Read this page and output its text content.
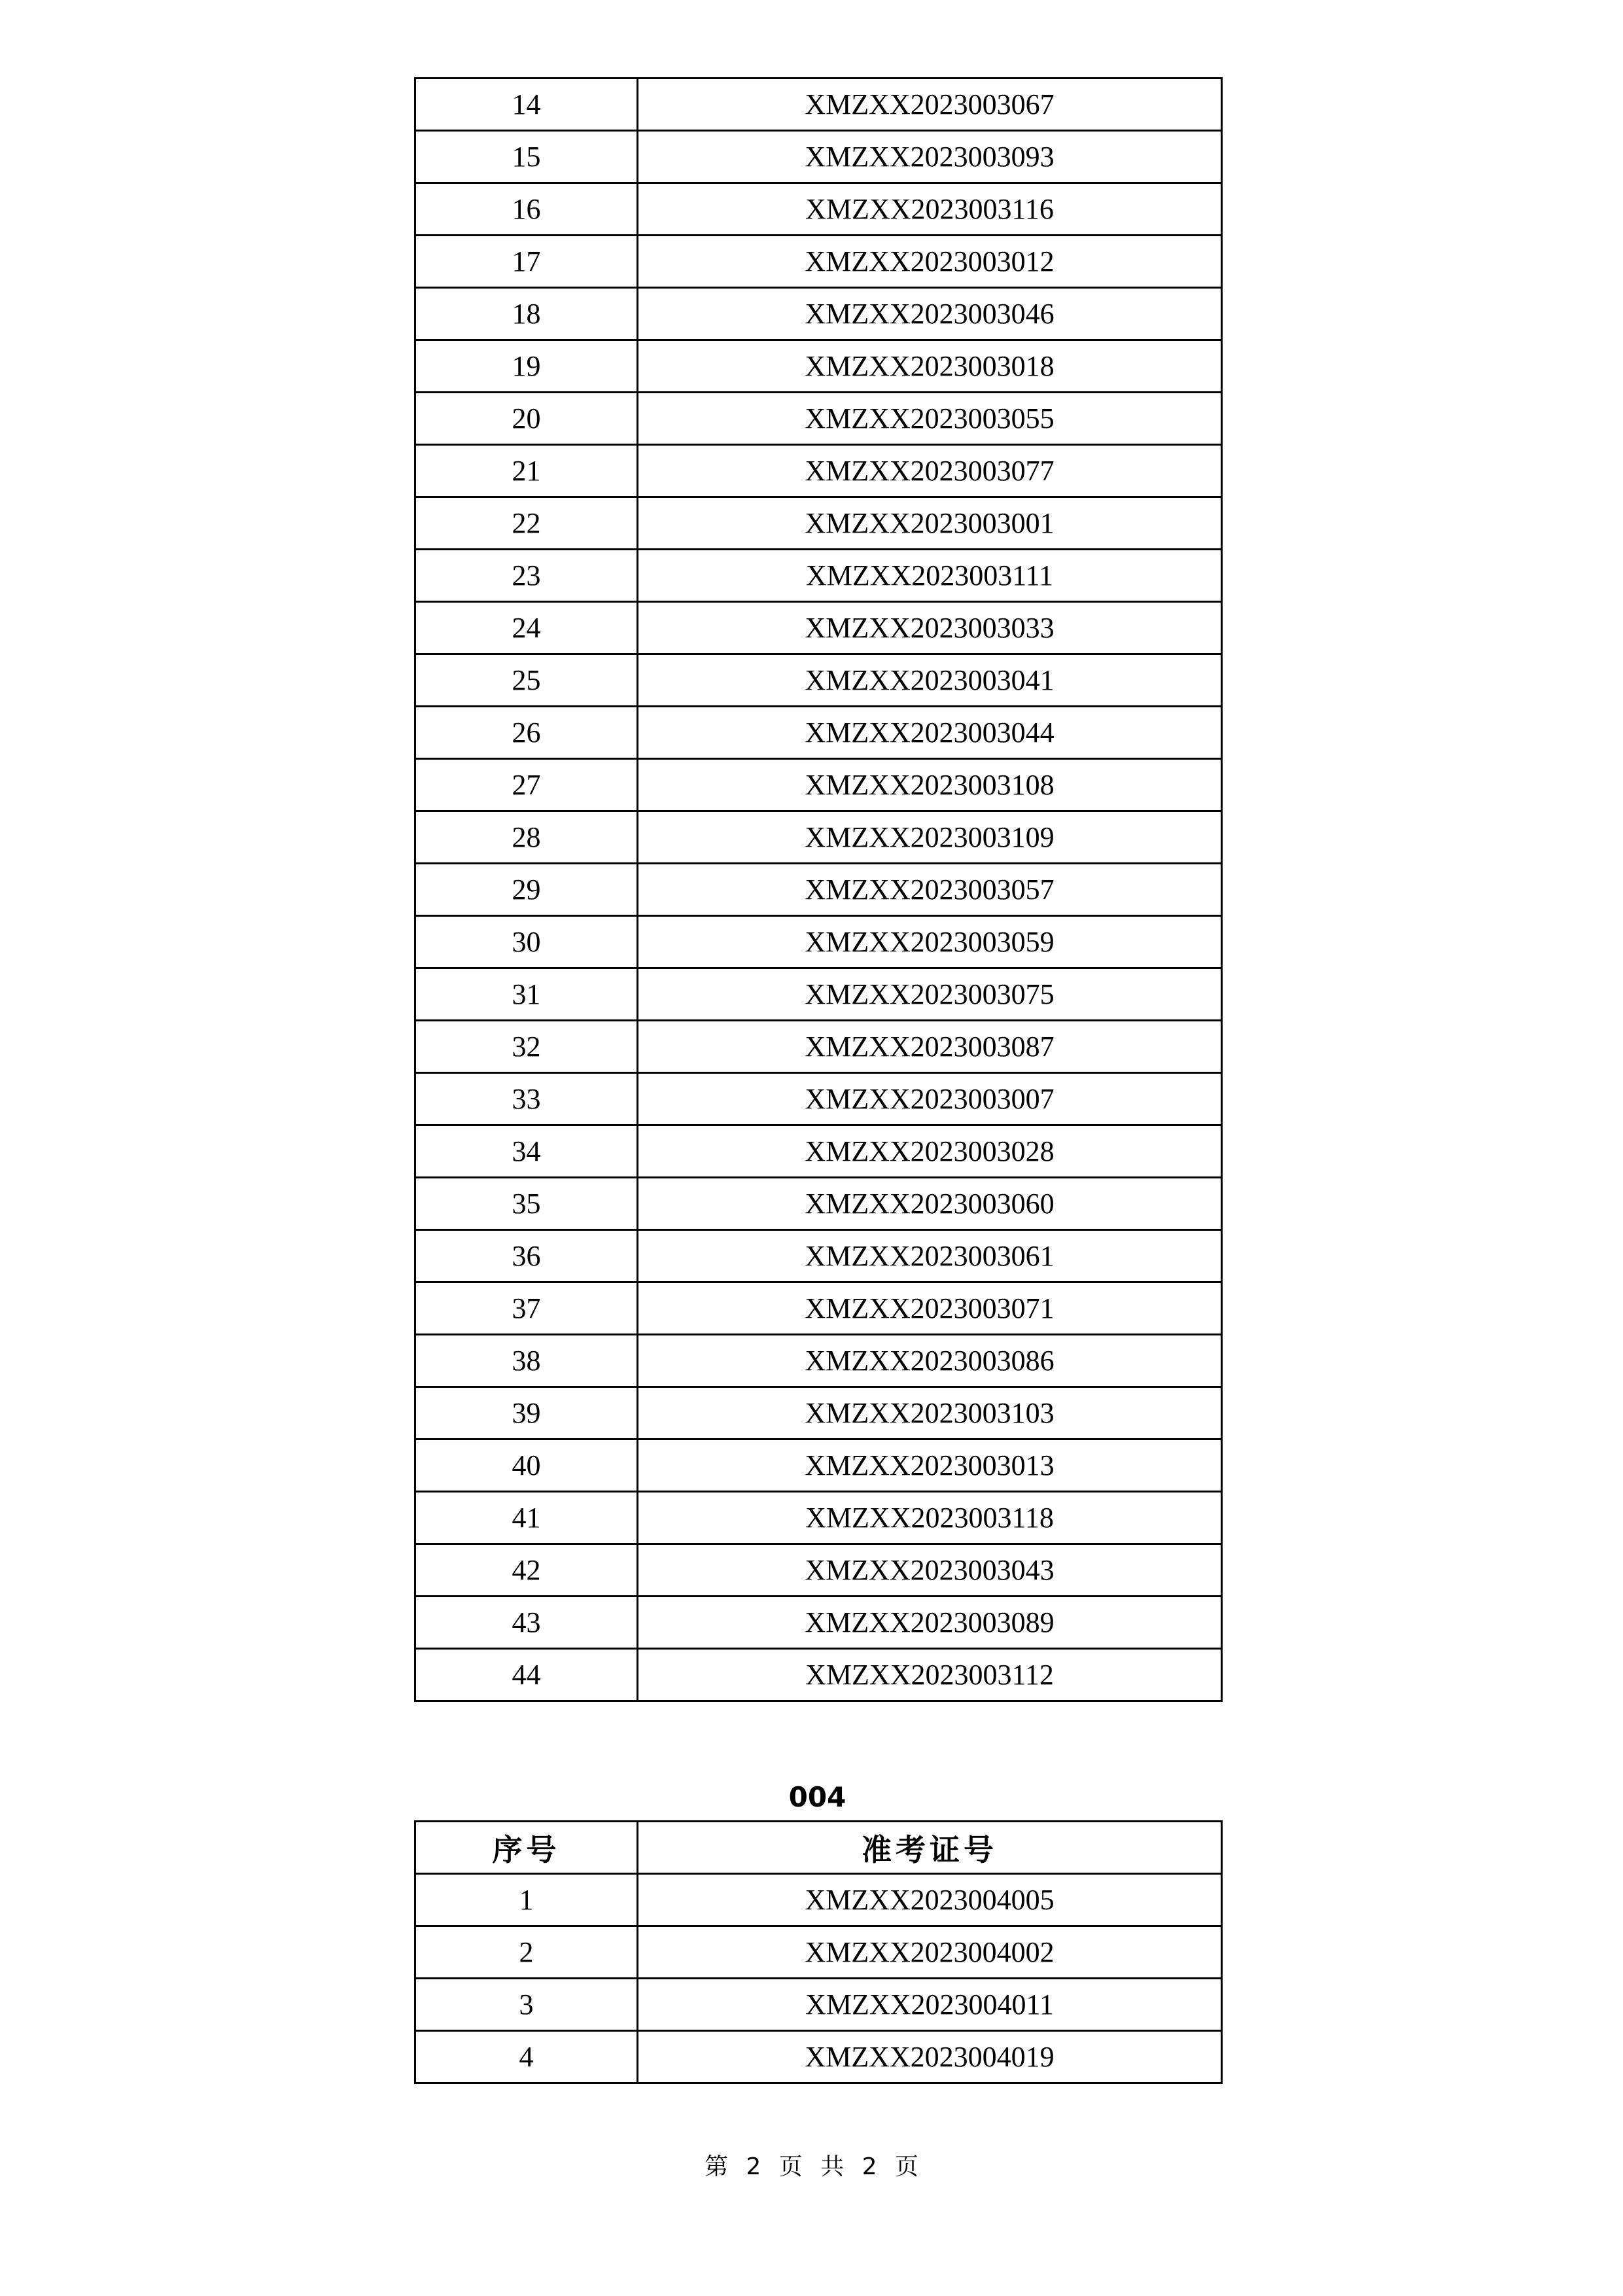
14	XMZXX2023003067
15	XMZXX2023003093
16	XMZXX2023003116
17	XMZXX2023003012
18	XMZXX2023003046
19	XMZXX2023003018
20	XMZXX2023003055
21	XMZXX2023003077
22	XMZXX2023003001
23	XMZXX2023003111
24	XMZXX2023003033
25	XMZXX2023003041
26	XMZXX2023003044
27	XMZXX2023003108
28	XMZXX2023003109
29	XMZXX2023003057
30	XMZXX2023003059
31	XMZXX2023003075
32	XMZXX2023003087
33	XMZXX2023003007
34	XMZXX2023003028
35	XMZXX2023003060
36	XMZXX2023003061
37	XMZXX2023003071
38	XMZXX2023003086
39	XMZXX2023003103
40	XMZXX2023003013
41	XMZXX2023003118
42	XMZXX2023003043
43	XMZXX2023003089
44	XMZXX2023003112
004
序号	准考证号
1	XMZXX2023004005
2	XMZXX2023004002
3	XMZXX2023004011
4	XMZXX2023004019
第 2 页 共 2 页
